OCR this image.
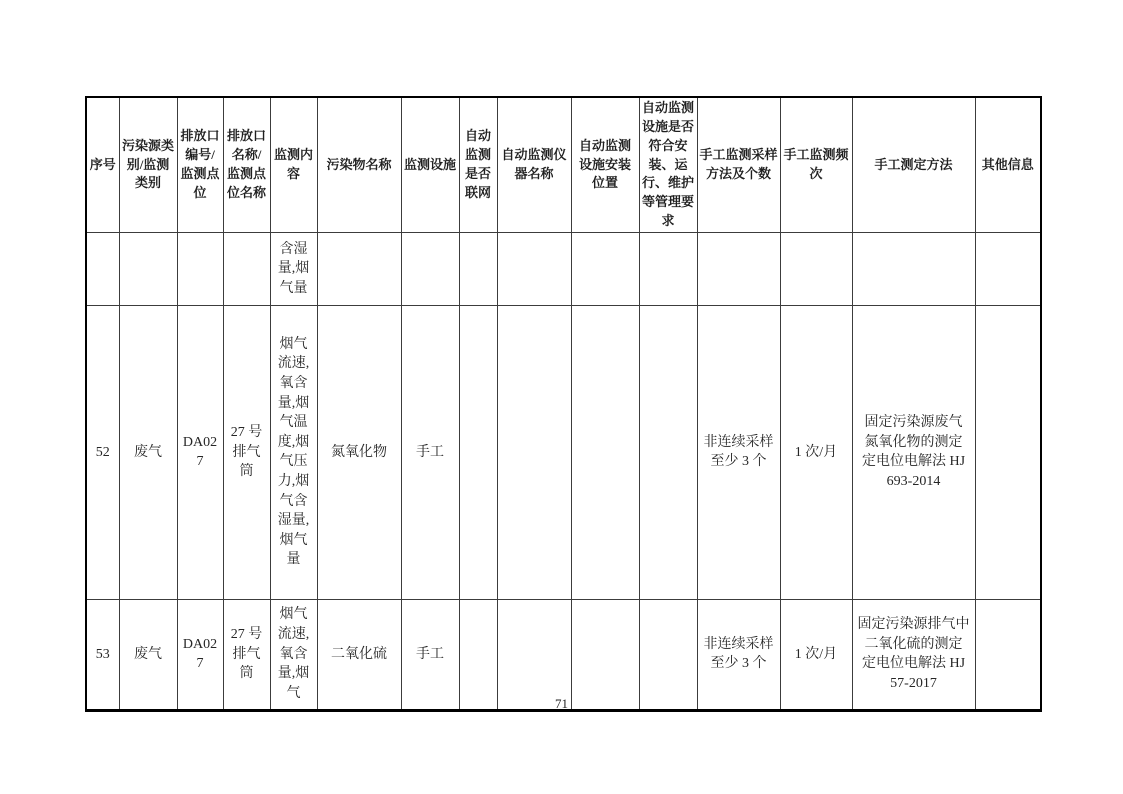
序号	污染源类别/监测类别	排放口编号/监测点位	排放口名称/监测点位名称	监测内容	污染物名称	监测设施	自动监测是否联网	自动监测仪器名称	自动监测设施安装位置	自动监测设施是否符合安装、运行、维护等管理要求	手工监测采样方法及个数	手工监测频次	手工测定方法	其他信息
				含湿量,烟气量										
52	废气	DA027	27 号排气筒	烟气流速,氧含量,烟气温度,烟气压力,烟气含湿量,烟气量	氮氧化物	手工					非连续采样至少 3 个	1 次/月	固定污染源废气 氮氧化物的测定 定电位电解法 HJ 693-2014	
53	废气	DA027	27 号排气筒	烟气流速,氧含量,烟气	二氧化硫	手工					非连续采样至少 3 个	1 次/月	固定污染源排气中二氧化硫的测定 定电位电解法 HJ 57-2017	
71
